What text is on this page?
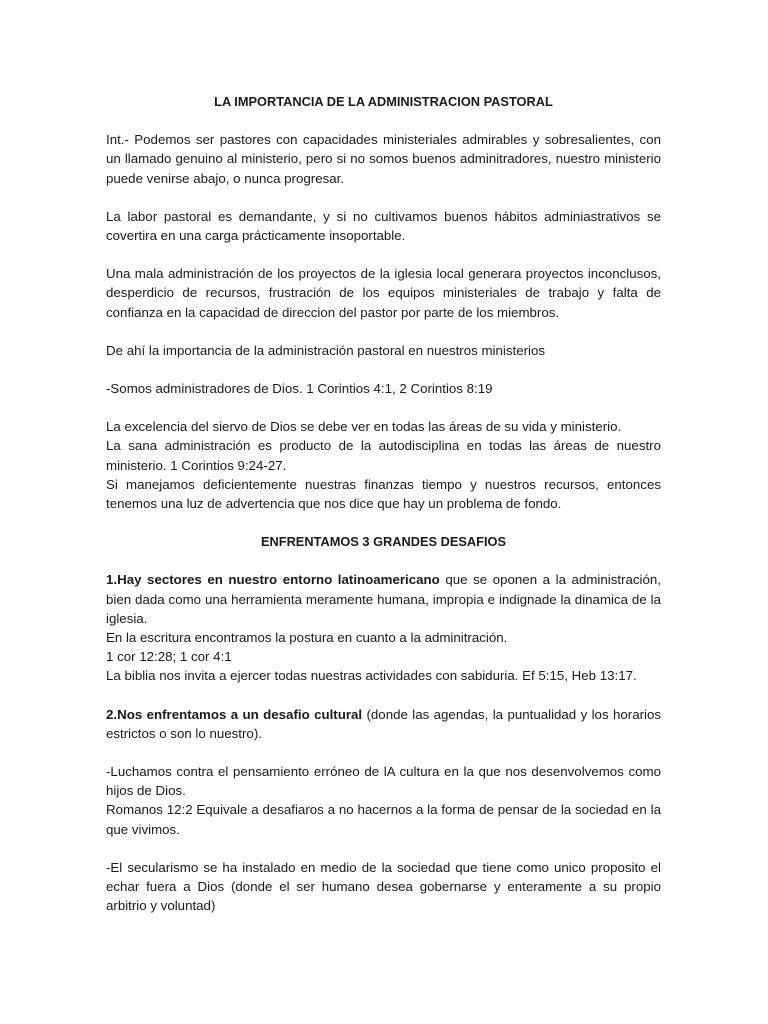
LA IMPORTANCIA DE LA ADMINISTRACION PASTORAL
Int.- Podemos ser pastores con capacidades ministeriales admirables y sobresalientes, con un llamado genuino al ministerio, pero si no somos buenos adminitradores, nuestro ministerio puede venirse abajo, o nunca progresar.
La labor pastoral es demandante, y si no cultivamos buenos hábitos adminiastrativos se covertira en una carga prácticamente insoportable.
Una mala administración de los proyectos de la iglesia local generara proyectos inconclusos, desperdicio de recursos, frustración de los equipos ministeriales de trabajo y falta de confianza en la capacidad de direccion del pastor por parte de los miembros.
De ahí la importancia de la administración pastoral en nuestros ministerios
-Somos administradores de Dios. 1 Corintios 4:1, 2 Corintios 8:19
La excelencia del siervo de Dios se debe ver en todas las áreas de su vida y ministerio.
La sana administración es producto de la autodisciplina en todas las áreas de nuestro ministerio. 1 Corintios 9:24-27.
Si manejamos deficientemente nuestras finanzas tiempo y nuestros recursos, entonces tenemos una luz de advertencia que nos dice que hay un problema de fondo.
ENFRENTAMOS 3 GRANDES DESAFIOS
1.Hay sectores en nuestro entorno latinoamericano que se oponen a la administración, bien dada como una herramienta meramente humana, impropia e indignade la dinamica de la iglesia.
En la escritura encontramos la postura en cuanto a la adminitración.
1 cor 12:28; 1 cor 4:1
La biblia nos invita a ejercer todas nuestras actividades con sabiduria. Ef 5:15, Heb 13:17.
2.Nos enfrentamos a un desafio cultural (donde las agendas, la puntualidad y los horarios estrictos o son lo nuestro).
-Luchamos contra el pensamiento erróneo de lA cultura en la que nos desenvolvemos como hijos de Dios.
Romanos 12:2 Equivale a desafiaros a no hacernos a la forma de pensar de la sociedad en la que vivimos.
-El secularismo se ha instalado en medio de la sociedad que tiene como unico proposito el echar fuera a Dios (donde el ser humano desea gobernarse y enteramente a su propio arbitrio y voluntad)
